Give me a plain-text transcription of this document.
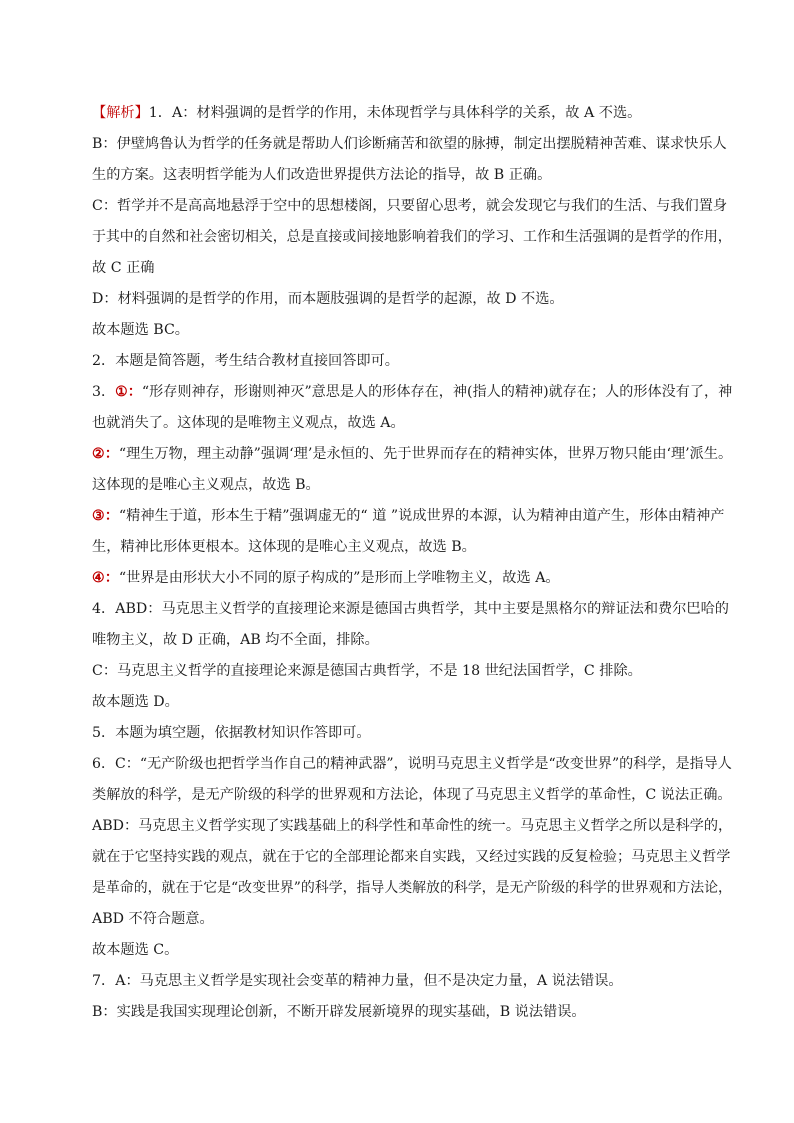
【解析】1．A：材料强调的是哲学的作用，未体现哲学与具体科学的关系，故 A 不选。
B：伊壁鸠鲁认为哲学的任务就是帮助人们诊断痛苦和欲望的脉搏，制定出摆脱精神苦难、谋求快乐人
生的方案。这表明哲学能为人们改造世界提供方法论的指导，故 B 正确。
C：哲学并不是高高地悬浮于空中的思想楼阁，只要留心思考，就会发现它与我们的生活、与我们置身
于其中的自然和社会密切相关，总是直接或间接地影响着我们的学习、工作和生活强调的是哲学的作用，
故 C 正确
D：材料强调的是哲学的作用，而本题肢强调的是哲学的起源，故 D 不选。
故本题选 BC。
2．本题是简答题，考生结合教材直接回答即可。
3．①：“形存则神存，形谢则神灭”意思是人的形体存在，神(指人的精神)就存在；人的形体没有了，神
也就消失了。这体现的是唯物主义观点，故选 A。
②：“理生万物，理主动静”强调‘理’是永恒的、先于世界而存在的精神实体，世界万物只能由‘理’派生。
这体现的是唯心主义观点，故选 B。
③：“精神生于道，形本生于精”强调虚无的“ 道 ”说成世界的本源，认为精神由道产生，形体由精神产
生，精神比形体更根本。这体现的是唯心主义观点，故选 B。
④：“世界是由形状大小不同的原子构成的”是形而上学唯物主义，故选 A。
4．ABD：马克思主义哲学的直接理论来源是德国古典哲学，其中主要是黑格尔的辩证法和费尔巴哈的
唯物主义，故 D 正确，AB 均不全面，排除。
C：马克思主义哲学的直接理论来源是德国古典哲学，不是 18 世纪法国哲学，C 排除。
故本题选 D。
5．本题为填空题，依据教材知识作答即可。
6．C：“无产阶级也把哲学当作自己的精神武器”，说明马克思主义哲学是“改变世界”的科学，是指导人
类解放的科学，是无产阶级的科学的世界观和方法论，体现了马克思主义哲学的革命性，C 说法正确。
ABD：马克思主义哲学实现了实践基础上的科学性和革命性的统一。马克思主义哲学之所以是科学的，
就在于它坚持实践的观点，就在于它的全部理论都来自实践，又经过实践的反复检验；马克思主义哲学
是革命的，就在于它是“改变世界”的科学，指导人类解放的科学，是无产阶级的科学的世界观和方法论，
ABD 不符合题意。
故本题选 C。
7．A：马克思主义哲学是实现社会变革的精神力量，但不是决定力量，A 说法错误。
B：实践是我国实现理论创新，不断开辟发展新境界的现实基础，B 说法错误。
